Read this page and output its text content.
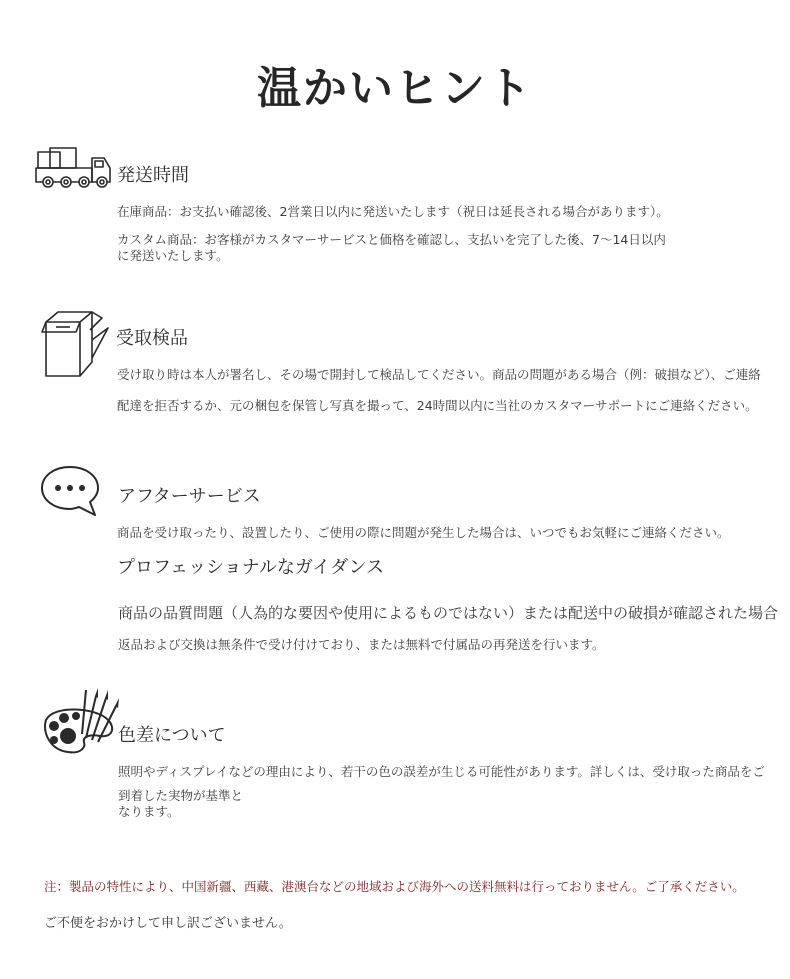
温かいヒント
発送時間
在庫商品：お支払い確認後、2営業日以内に発送いたします（祝日は延長される場合があります）。
カスタム商品：お客様がカスタマーサービスと価格を確認し、支払いを完了した後、7〜14日以内
に発送いたします。
受取検品
受け取り時は本人が署名し、その場で開封して検品してください。商品の問題がある場合（例：破損など）、ご連絡
配達を拒否するか、元の梱包を保管し写真を撮って、24時間以内に当社のカスタマーサポートにご連絡ください。
アフターサービス
商品を受け取ったり、設置したり、ご使用の際に問題が発生した場合は、いつでもお気軽にご連絡ください。
プロフェッショナルなガイダンス
商品の品質問題（人為的な要因や使用によるものではない）または配送中の破損が確認された場合
返品および交換は無条件で受け付けており、または無料で付属品の再発送を行います。
色差について
照明やディスプレイなどの理由により、若干の色の誤差が生じる可能性があります。詳しくは、受け取った商品をご
到着した実物が基準と
なります。
注：製品の特性により、中国新疆、西藏、港澳台などの地域および海外への送料無料は行っておりません。ご了承ください。
ご不便をおかけして申し訳ございません。
